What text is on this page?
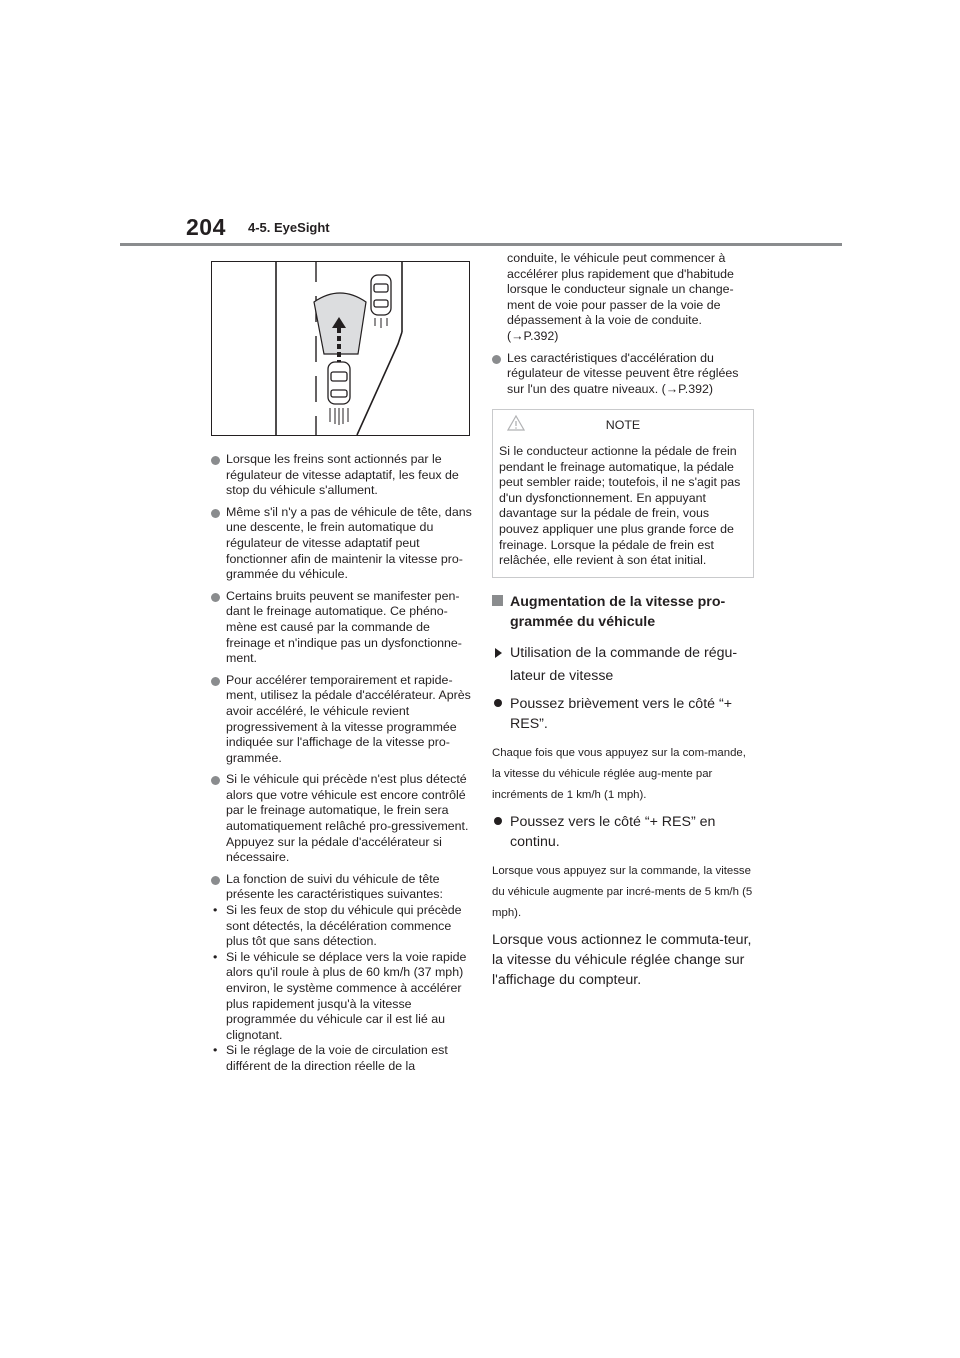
204 4-5. EyeSight

Lorsque les freins sont actionnés par le régulateur de vitesse adaptatif, les feux de stop du véhicule s'allument.

Même s'il n'y a pas de véhicule de tête, dans une descente, le frein automatique du régulateur de vitesse adaptatif peut fonctionner afin de maintenir la vitesse pro-grammée du véhicule.

Certains bruits peuvent se manifester pen-dant le freinage automatique. Ce phéno-mène est causé par la commande de freinage et n'indique pas un dysfonctionne-ment.

Pour accélérer temporairement et rapide-ment, utilisez la pédale d'accélérateur. Après avoir accéléré, le véhicule revient progressivement à la vitesse programmée indiquée sur l'affichage de la vitesse pro-grammée.

Si le véhicule qui précède n'est plus détecté alors que votre véhicule est encore contrôlé par le freinage automatique, le frein sera automatiquement relâché pro-gressivement. Appuyez sur la pédale d'accélérateur si nécessaire.

La fonction de suivi du véhicule de tête présente les caractéristiques suivantes:

• Si les feux de stop du véhicule qui précède sont détectés, la décélération commence plus tôt que sans détection.

• Si le véhicule se déplace vers la voie rapide alors qu'il roule à plus de 60 km/h (37 mph) environ, le système commence à accélérer plus rapidement jusqu'à la vitesse programmée du véhicule car il est lié au clignotant.

• Si le réglage de la voie de circulation est différent de la direction réelle de la

conduite, le véhicule peut commencer à accélérer plus rapidement que d'habitude lorsque le conducteur signale un change-ment de voie pour passer de la voie de dépassement à la voie de conduite. (→P.392)

Les caractéristiques d'accélération du régulateur de vitesse peuvent être réglées sur l'un des quatre niveaux. (→P.392)

NOTE

Si le conducteur actionne la pédale de frein pendant le freinage automatique, la pédale peut sembler raide; toutefois, il ne s'agit pas d'un dysfonctionnement. En appuyant davantage sur la pédale de frein, vous pouvez appliquer une plus grande force de freinage. Lorsque la pédale de frein est relâchée, elle revient à son état initial.

Augmentation de la vitesse pro-grammée du véhicule
Utilisation de la commande de régu-lateur de vitesse
Poussez brièvement vers le côté “+ RES”.

Chaque fois que vous appuyez sur la com-mande, la vitesse du véhicule réglée aug-mente par incréments de 1 km/h (1 mph).

Poussez vers le côté “+ RES” en continu.

Lorsque vous appuyez sur la commande, la vitesse du véhicule augmente par incré-ments de 5 km/h (5 mph).

Lorsque vous actionnez le commuta-teur, la vitesse du véhicule réglée change sur l'affichage du compteur.
